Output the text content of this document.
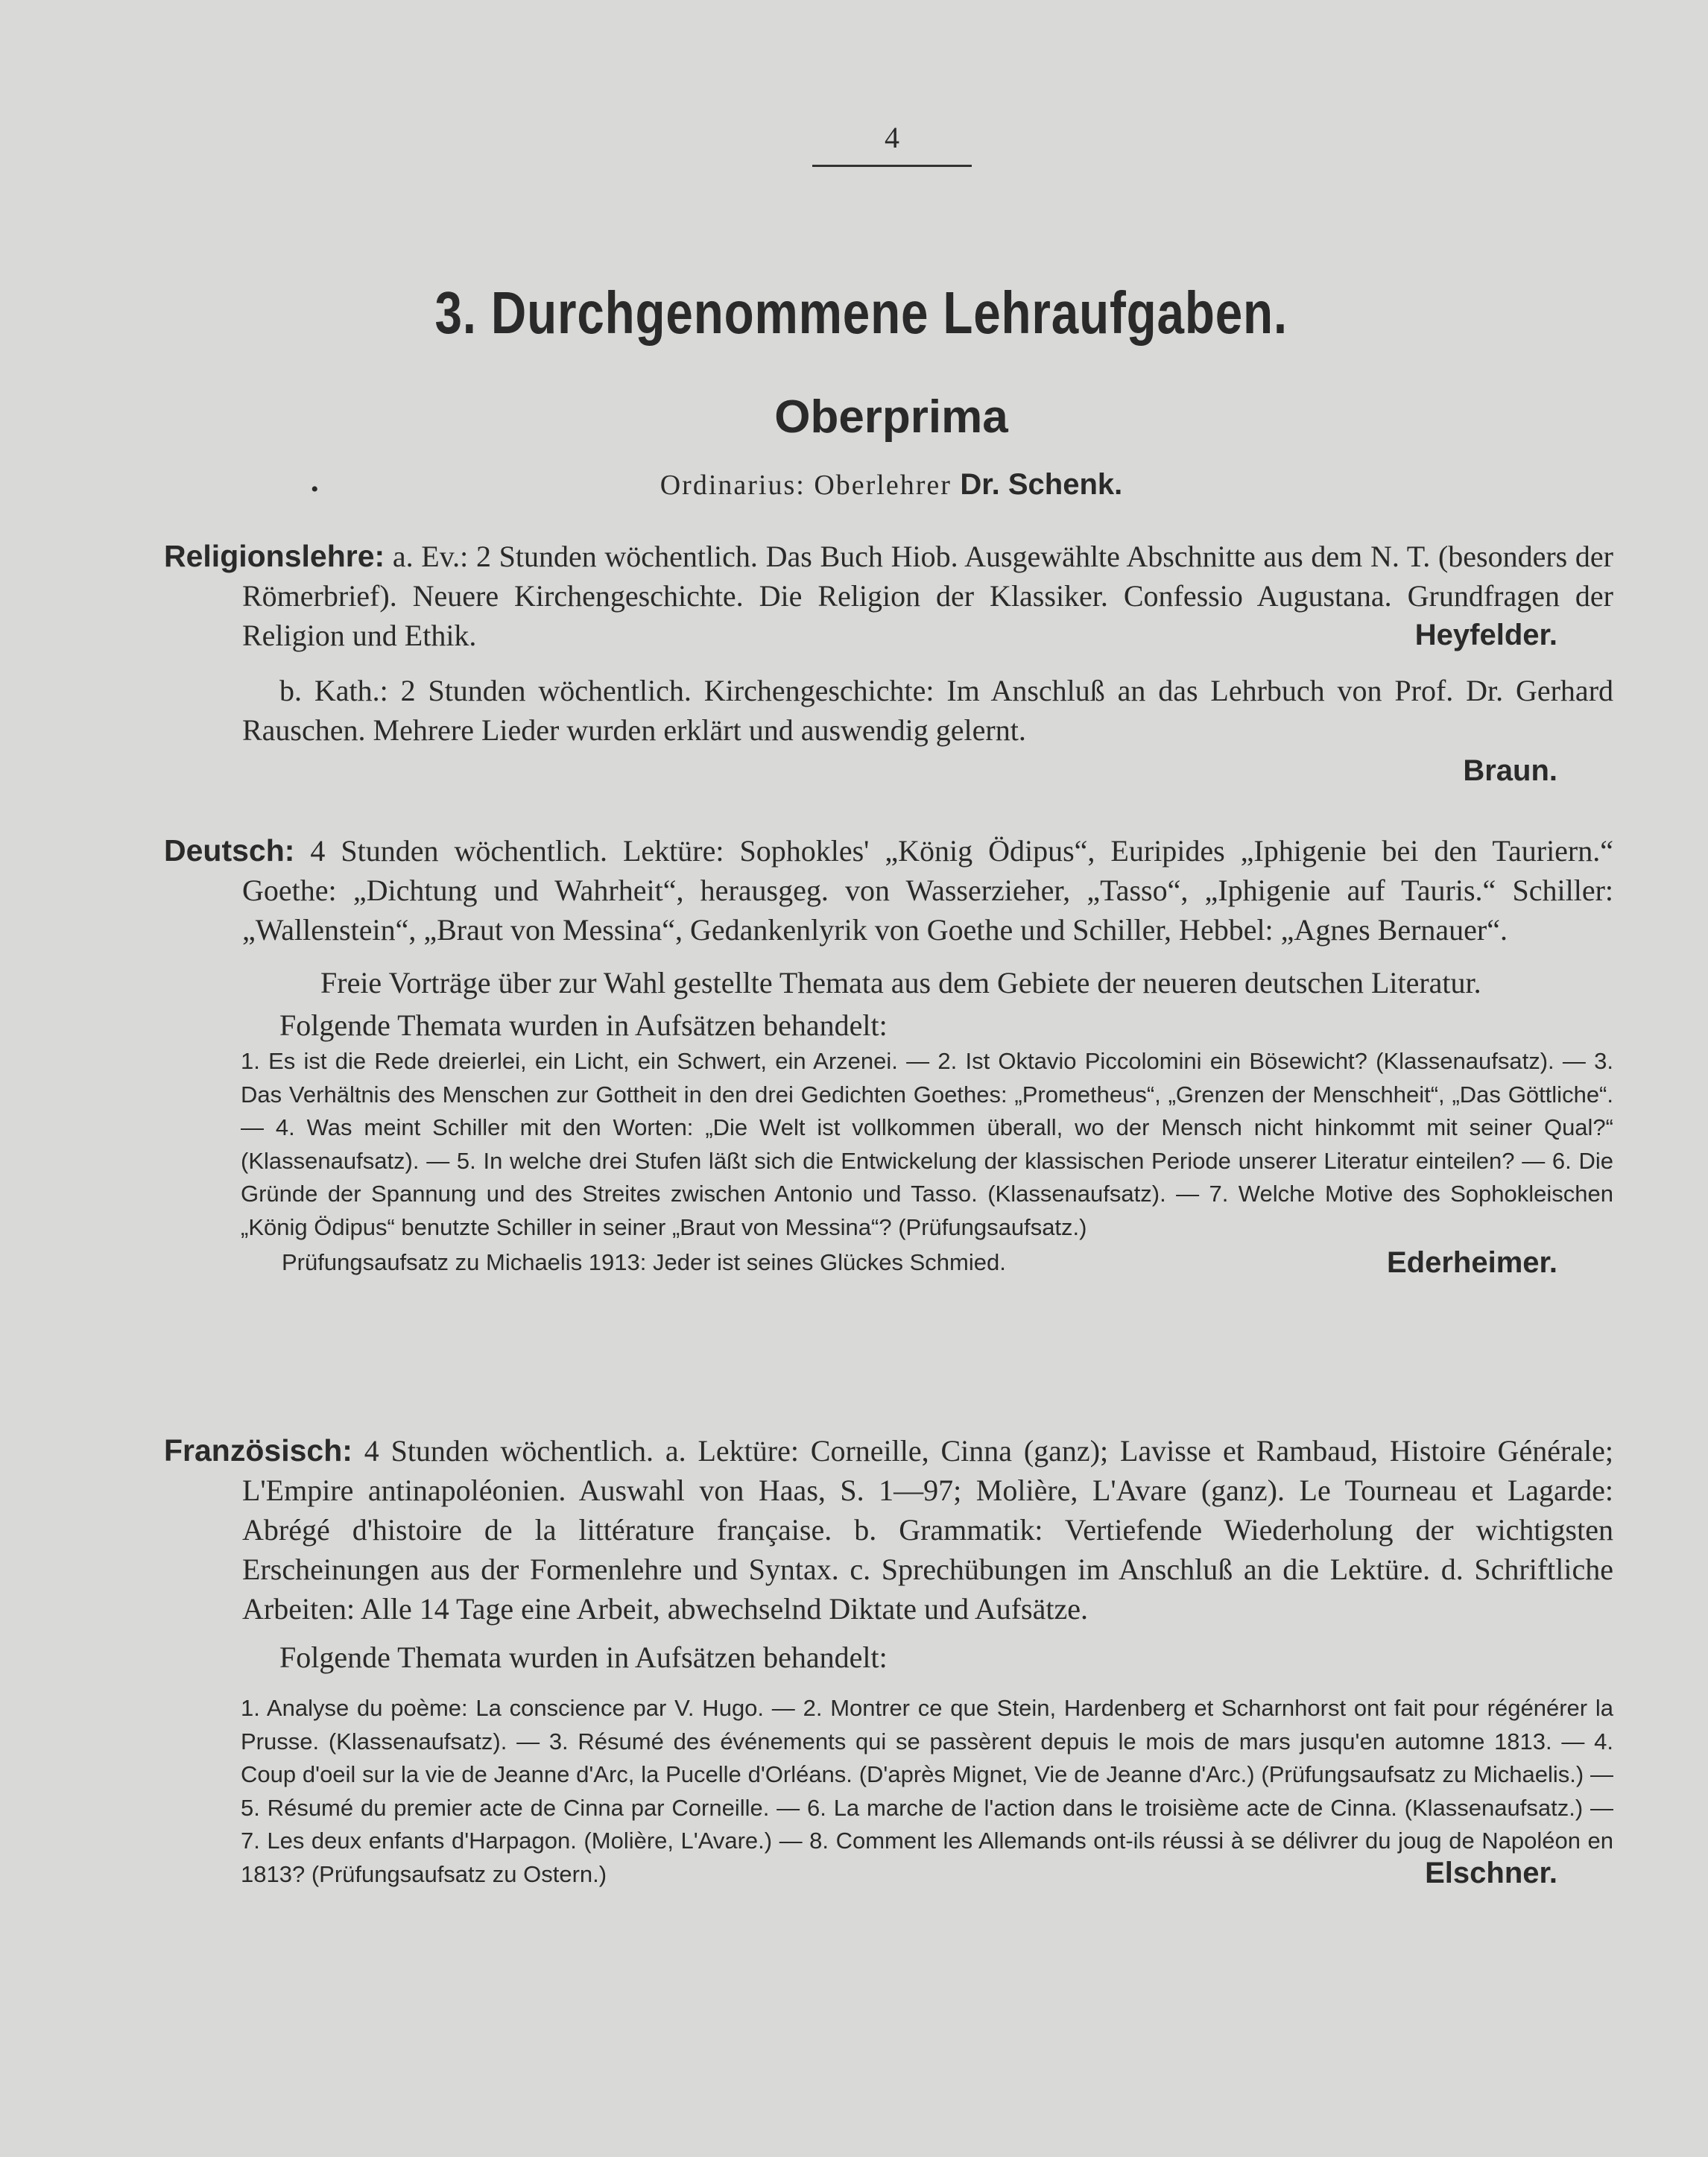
4
3. Durchgenommene Lehraufgaben.
Oberprima
•	Ordinarius: Oberlehrer Dr. Schenk.

Religionslehre: a. Ev.: 2 Stunden wöchentlich. Das Buch Hiob. Ausgewählte Abschnitte aus dem N. T. (besonders der Römerbrief). Neuere Kirchengeschichte. Die Religion der Klassiker. Confessio Augustana. Grundfragen der Religion und Ethik.	Heyfelder.

b. Kath.: 2 Stunden wöchentlich. Kirchengeschichte: Im Anschluß an das Lehrbuch von Prof. Dr. Gerhard Rauschen. Mehrere Lieder wurden erklärt und auswendig gelernt.

Braun.

Deutsch: 4 Stunden wöchentlich. Lektüre: Sophokles' „König Ödipus“, Euripides „Iphigenie bei den Tauriern.“ Goethe: „Dichtung und Wahrheit“, herausgeg. von Wasserzieher, „Tasso“, „Iphigenie auf Tauris.“ Schiller: „Wallenstein“, „Braut von Messina“, Gedankenlyrik von Goethe und Schiller, Hebbel: „Agnes Bernauer“.

Freie Vorträge über zur Wahl gestellte Themata aus dem Gebiete der neueren deutschen Literatur.

Folgende Themata wurden in Aufsätzen behandelt:

1. Es ist die Rede dreierlei, ein Licht, ein Schwert, ein Arzenei. — 2. Ist Oktavio Piccolomini ein Bösewicht? (Klassenaufsatz). — 3. Das Verhältnis des Menschen zur Gottheit in den drei Gedichten Goethes: „Prometheus“, „Grenzen der Menschheit“, „Das Göttliche“. — 4. Was meint Schiller mit den Worten: „Die Welt ist vollkommen überall, wo der Mensch nicht hinkommt mit seiner Qual?“ (Klassenaufsatz). — 5. In welche drei Stufen läßt sich die Entwickelung der klassischen Periode unserer Literatur einteilen? — 6. Die Gründe der Spannung und des Streites zwischen Antonio und Tasso. (Klassenaufsatz). — 7. Welche Motive des Sophokleischen „König Ödipus“ benutzte Schiller in seiner „Braut von Messina“? (Prüfungsaufsatz.)

Prüfungsaufsatz zu Michaelis 1913: Jeder ist seines Glückes Schmied.	Ederheimer.

Französisch: 4 Stunden wöchentlich. a. Lektüre: Corneille, Cinna (ganz); Lavisse et Rambaud, Histoire Générale; L'Empire antinapoléonien. Auswahl von Haas, S. 1—97; Molière, L'Avare (ganz). Le Tourneau et Lagarde: Abrégé d'histoire de la littérature française. b. Grammatik: Vertiefende Wiederholung der wichtigsten Erscheinungen aus der Formenlehre und Syntax. c. Sprechübungen im Anschluß an die Lektüre. d. Schriftliche Arbeiten: Alle 14 Tage eine Arbeit, abwechselnd Diktate und Aufsätze.

Folgende Themata wurden in Aufsätzen behandelt:

1. Analyse du poème: La conscience par V. Hugo. — 2. Montrer ce que Stein, Hardenberg et Scharnhorst ont fait pour régénérer la Prusse. (Klassenaufsatz). — 3. Résumé des événements qui se passèrent depuis le mois de mars jusqu'en automne 1813. — 4. Coup d'oeil sur la vie de Jeanne d'Arc, la Pucelle d'Orléans. (D'après Mignet, Vie de Jeanne d'Arc.) (Prüfungsaufsatz zu Michaelis.) — 5. Résumé du premier acte de Cinna par Corneille. — 6. La marche de l'action dans le troisième acte de Cinna. (Klassenaufsatz.) — 7. Les deux enfants d'Harpagon. (Molière, L'Avare.) — 8. Comment les Allemands ont-ils réussi à se délivrer du joug de Napoléon en 1813? (Prüfungsaufsatz zu Ostern.)	Elschner.
